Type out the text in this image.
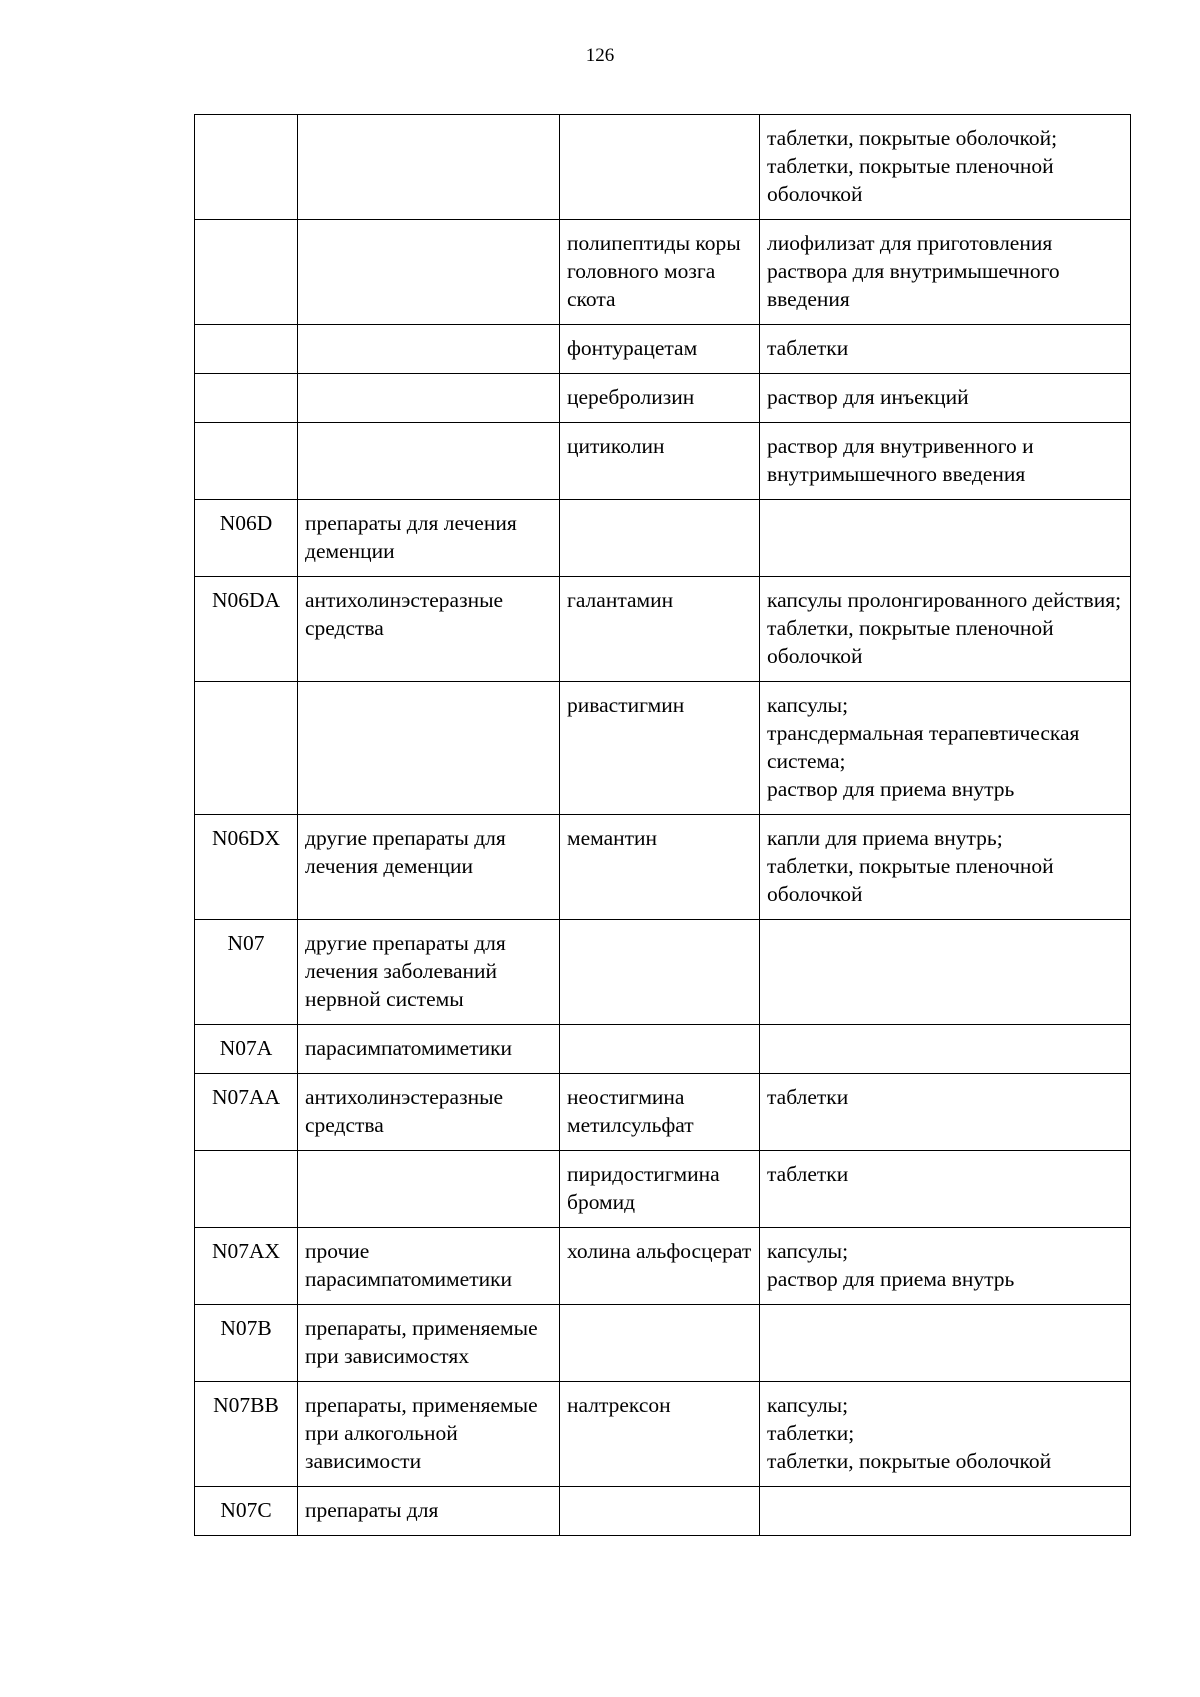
126
			таблетки, покрытые оболочкой;
таблетки, покрытые пленочной оболочкой
		полипептиды коры головного мозга скота	лиофилизат для приготовления раствора для внутримышечного введения
		фонтурацетам	таблетки
		церебролизин	раствор для инъекций
		цитиколин	раствор для внутривенного и внутримышечного введения
N06D	препараты для лечения деменции		
N06DA	антихолинэстеразные средства	галантамин	капсулы пролонгированного действия;
таблетки, покрытые пленочной оболочкой
		ривастигмин	капсулы;
трансдермальная терапевтическая система;
раствор для приема внутрь
N06DX	другие препараты для лечения деменции	мемантин	капли для приема внутрь;
таблетки, покрытые пленочной оболочкой
N07	другие препараты для лечения заболеваний нервной системы		
N07A	парасимпатомиметики		
N07AA	антихолинэстеразные средства	неостигмина метилсульфат	таблетки
		пиридостигмина бромид	таблетки
N07AX	прочие парасимпатомиметики	холина альфосцерат	капсулы;
раствор для приема внутрь
N07B	препараты, применяемые при зависимостях		
N07BB	препараты, применяемые при алкогольной зависимости	налтрексон	капсулы;
таблетки;
таблетки, покрытые оболочкой
N07C	препараты для		
